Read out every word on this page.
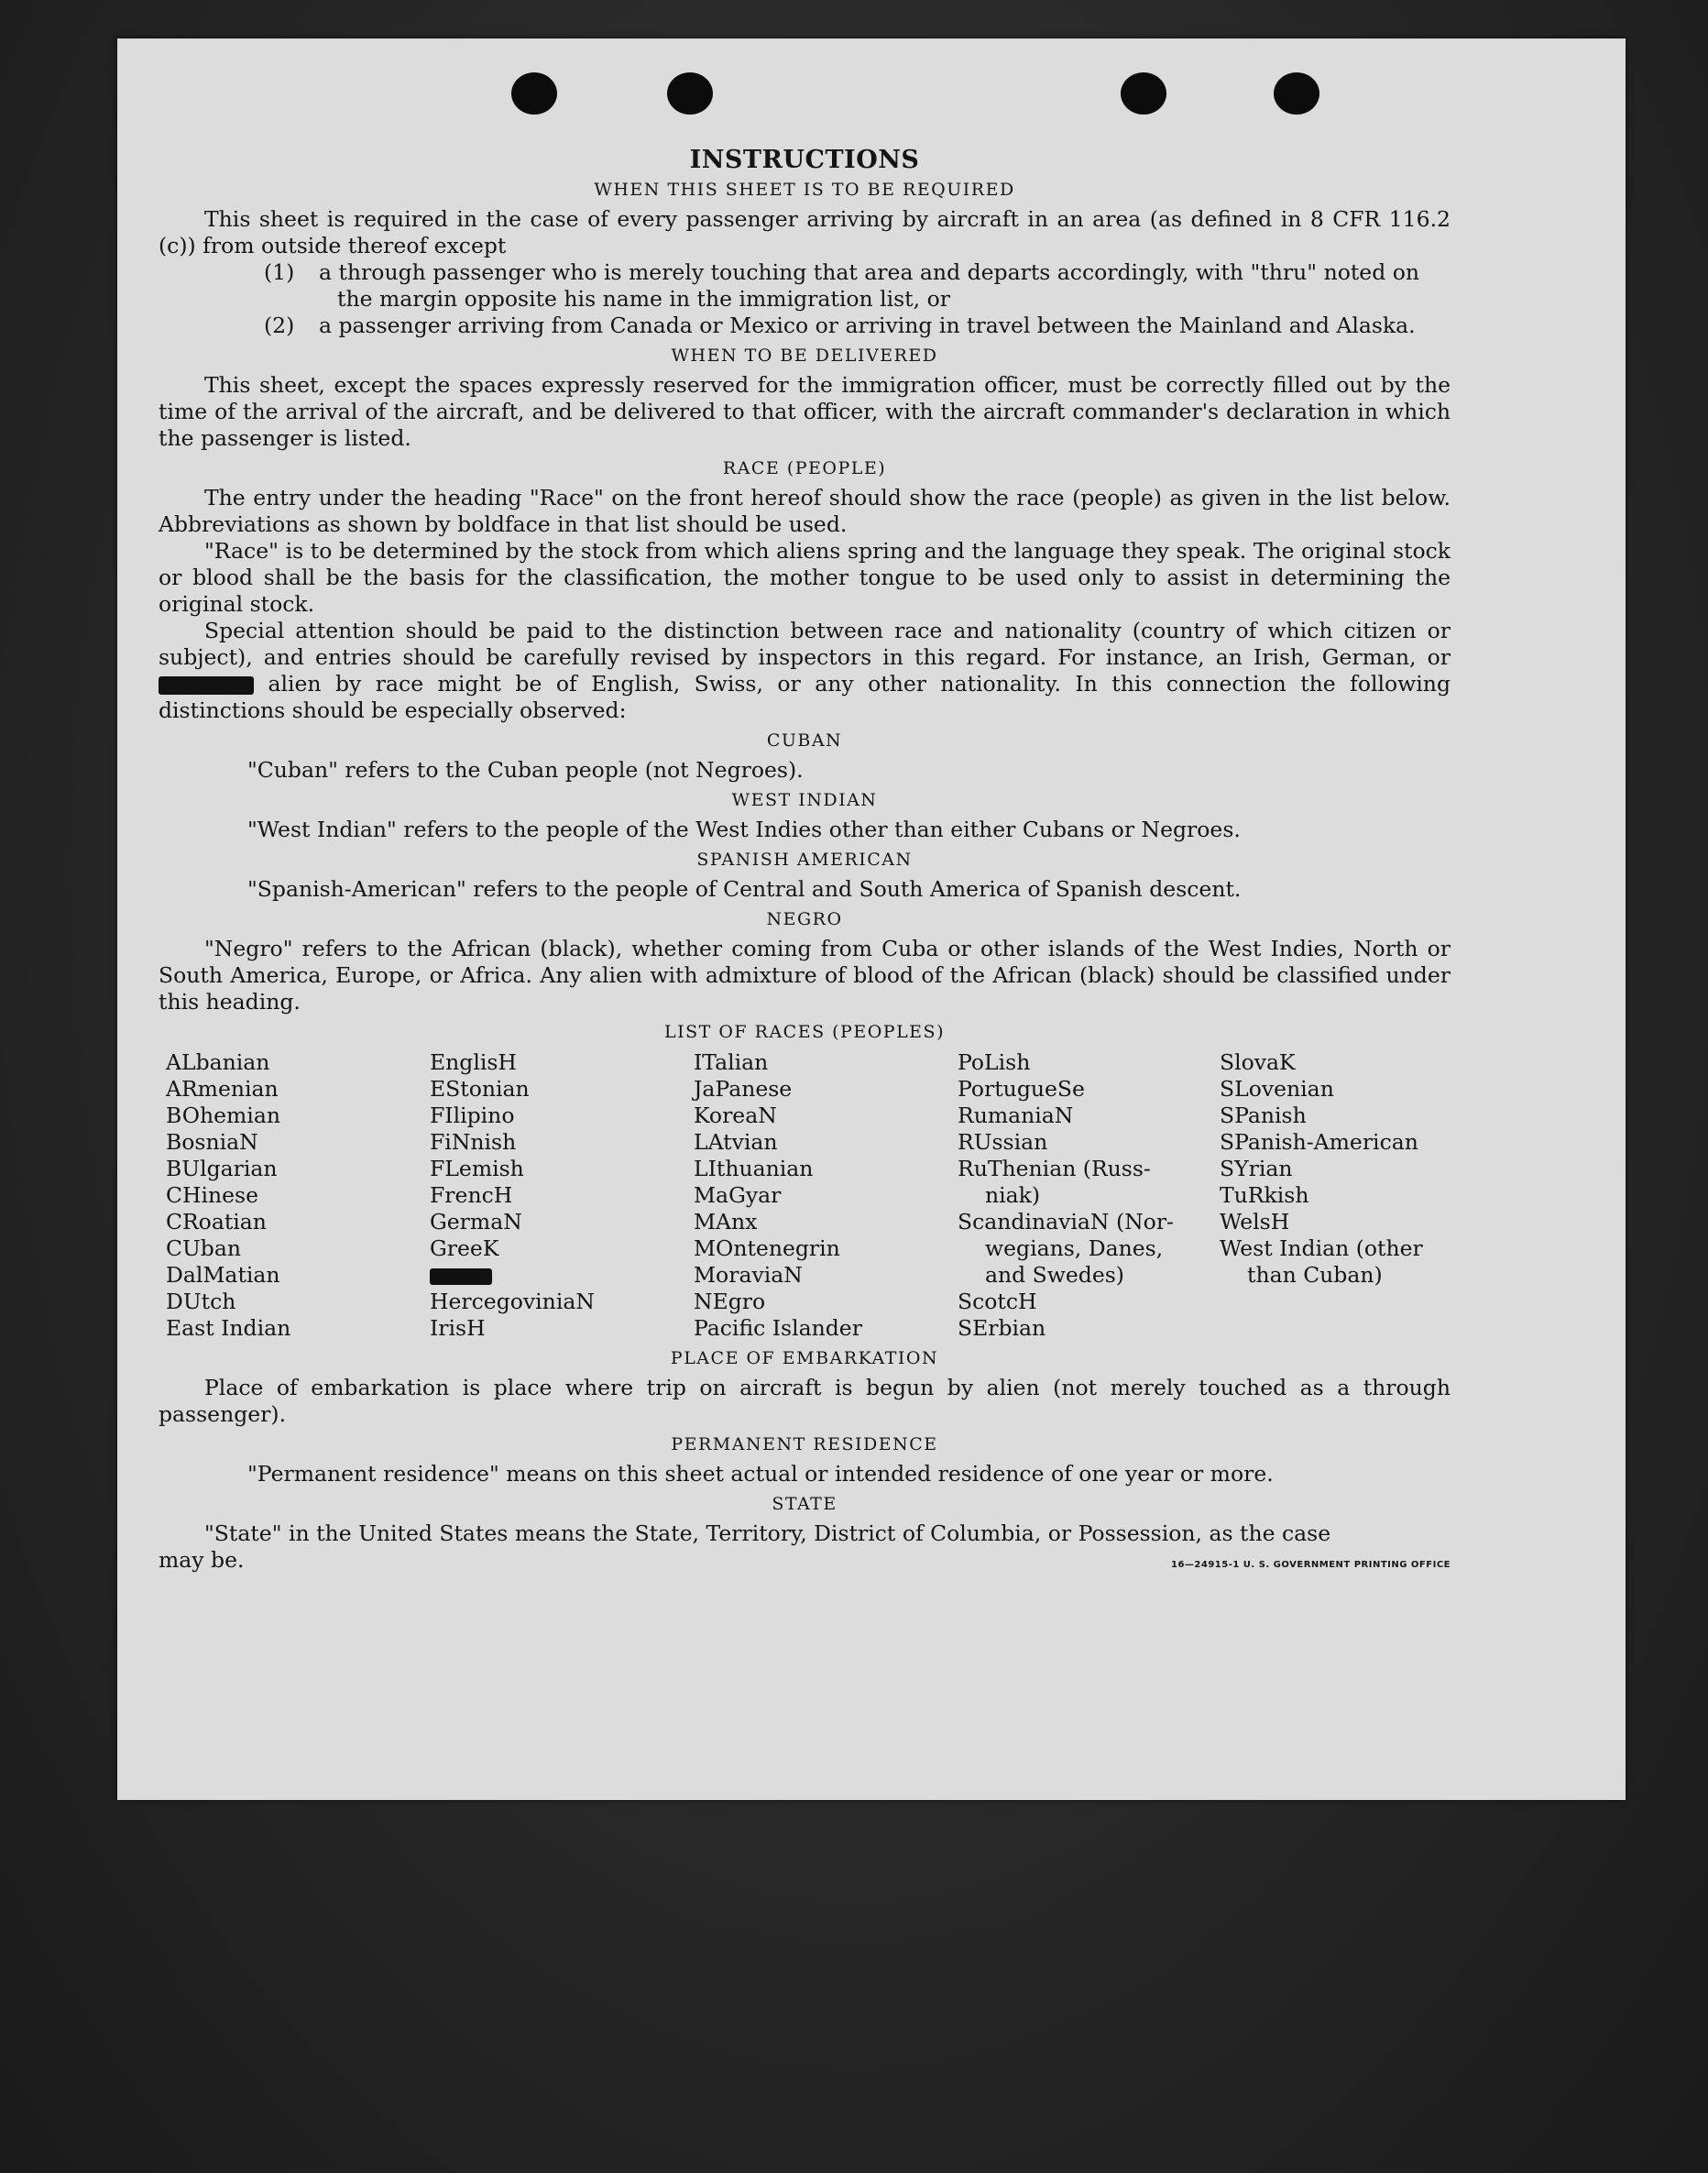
INSTRUCTIONS

WHEN THIS SHEET IS TO BE REQUIRED

This sheet is required in the case of every passenger arriving by aircraft in an area (as defined in 8 CFR 116.2 (c)) from outside thereof except

(1) a through passenger who is merely touching that area and departs accordingly, with "thru" noted on the margin opposite his name in the immigration list, or

(2) a passenger arriving from Canada or Mexico or arriving in travel between the Mainland and Alaska.

WHEN TO BE DELIVERED

This sheet, except the spaces expressly reserved for the immigration officer, must be correctly filled out by the time of the arrival of the aircraft, and be delivered to that officer, with the aircraft commander's declaration in which the passenger is listed.

RACE (PEOPLE)

The entry under the heading "Race" on the front hereof should show the race (people) as given in the list below. Abbreviations as shown by boldface in that list should be used.

"Race" is to be determined by the stock from which aliens spring and the language they speak. The original stock or blood shall be the basis for the classification, the mother tongue to be used only to assist in determining the original stock.

Special attention should be paid to the distinction between race and nationality (country of which citizen or subject), and entries should be carefully revised by inspectors in this regard. For instance, an Irish, German, or  alien by race might be of English, Swiss, or any other nationality. In this connection the following distinctions should be especially observed:

CUBAN

"Cuban" refers to the Cuban people (not Negroes).

WEST INDIAN

"West Indian" refers to the people of the West Indies other than either Cubans or Negroes.

SPANISH AMERICAN

"Spanish-American" refers to the people of Central and South America of Spanish descent.

NEGRO

"Negro" refers to the African (black), whether coming from Cuba or other islands of the West Indies, North or South America, Europe, or Africa. Any alien with admixture of blood of the African (black) should be classified under this heading.

LIST OF RACES (PEOPLES)

ALbanian
ARmenian
BOhemian
BosniaN
BUlgarian
CHinese
CRoatian
CUban
DalMatian
DUtch
East Indian
EnglisH
EStonian
FIlipino
FiNnish
FLemish
FrencH
GermaN
GreeK
HercegoviniaN
IrisH
ITalian
JaPanese
KoreaN
LAtvian
LIthuanian
MaGyar
MAnx
MOntenegrin
MoraviaN
NEgro
Pacific Islander
PoLish
PortugueSe
RumaniaN
RUssian
RuThenian (Russ-
niak)
ScandinaviaN (Nor-
wegians, Danes,
and Swedes)
ScotcH
SErbian
SlovaK
SLovenian
SPanish
SPanish-American
SYrian
TuRkish
WelsH
West Indian (other
than Cuban)

PLACE OF EMBARKATION

Place of embarkation is place where trip on aircraft is begun by alien (not merely touched as a through passenger).

PERMANENT RESIDENCE

"Permanent residence" means on this sheet actual or intended residence of one year or more.

STATE

"State" in the United States means the State, Territory, District of Columbia, or Possession, as the case

may be.	16—24915-1 U. S. GOVERNMENT PRINTING OFFICE
